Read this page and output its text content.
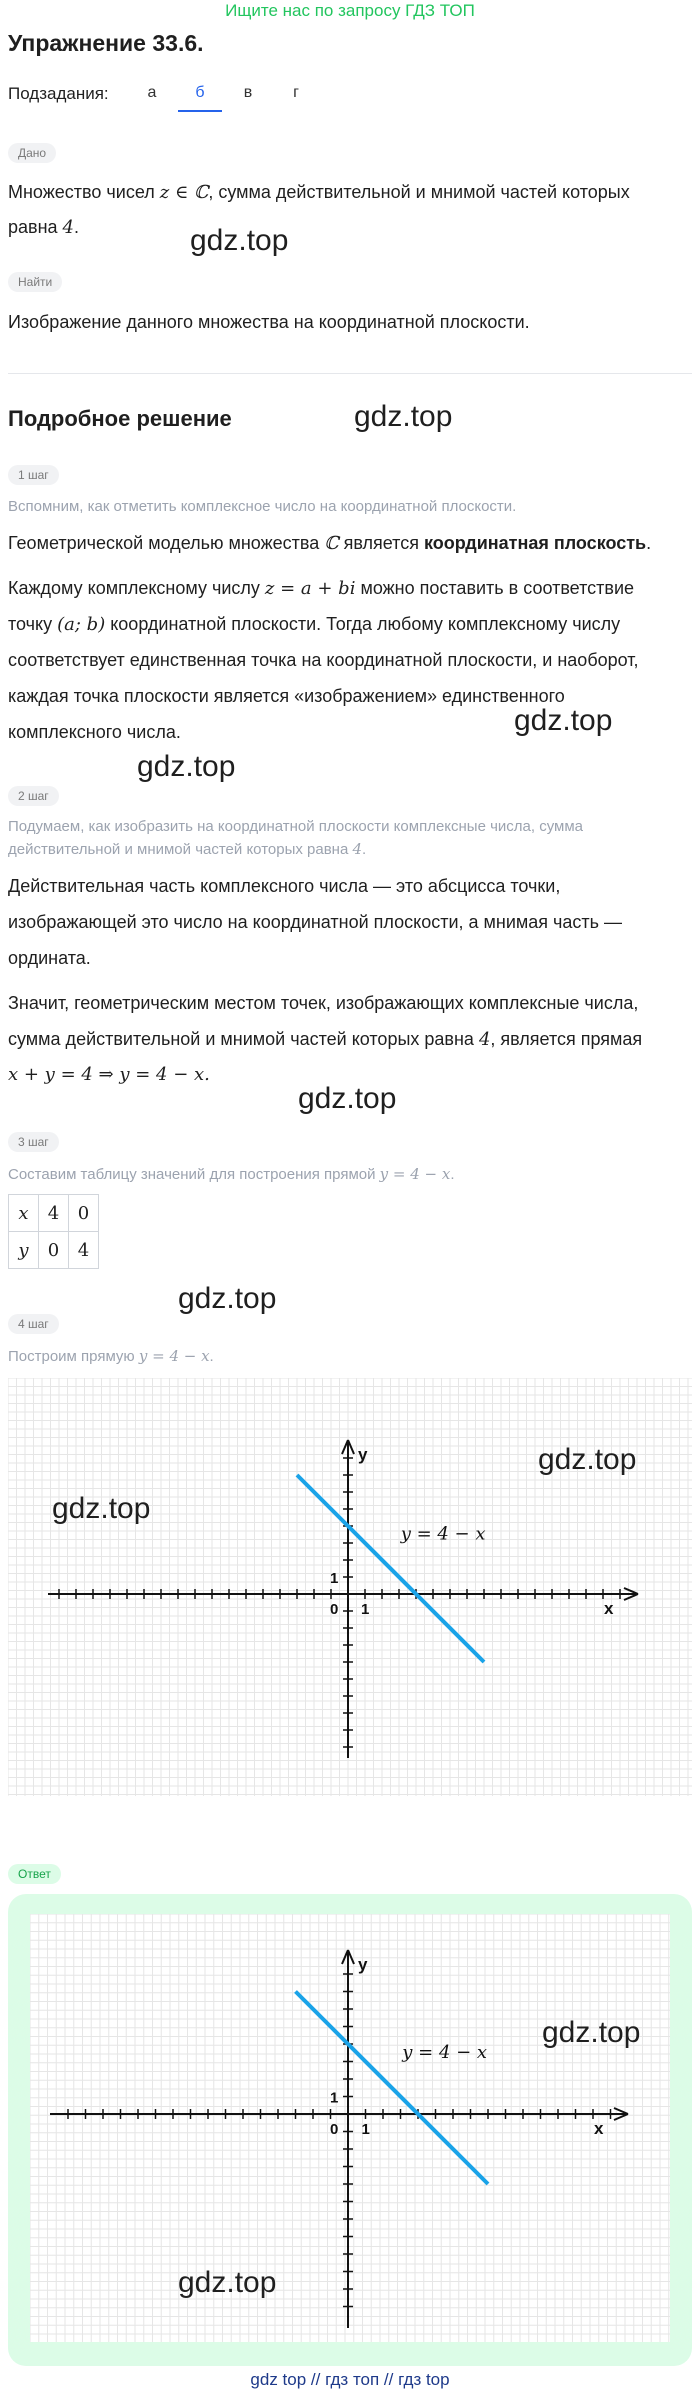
Ищите нас по запросу ГДЗ ТОП
Упражнение 33.6.
Подзадания:	а	б	в	г
Дано
Множество чисел z ∈ ℂ, сумма действительной и мнимой частей которых
равна 4.	gdz.top
Найти
Изображение данного множества на координатной плоскости.
Подробное решение	gdz.top
1 шаг
Вспомним, как отметить комплексное число на координатной плоскости.
Геометрической моделью множества ℂ является координатная плоскость.
Каждому комплексному числу z = a + bi можно поставить в соответствие
точку (a; b) координатной плоскости. Тогда любому комплексному числу
соответствует единственная точка на координатной плоскости, и наоборот,
каждая точка плоскости является «изображением» единственного
комплексного числа.	gdz.top
gdz.top
2 шаг
Подумаем, как изобразить на координатной плоскости комплексные числа, сумма
действительной и мнимой частей которых равна 4.
Действительная часть комплексного числа — это абсцисса точки,
изображающей это число на координатной плоскости, а мнимая часть —
ордината.
Значит, геометрическим местом точек, изображающих комплексные числа,
сумма действительной и мнимой частей которых равна 4, является прямая
x + y = 4 ⇒ y = 4 − x.
gdz.top
3 шаг
Составим таблицу значений для построения прямой y = 4 − x.
x	4	0
y	0	4
gdz.top
4 шаг
Построим прямую y = 4 − x.
x
y
0 1
1
y = 4 − x
gdz.top
gdz.top
Ответ
x
y
0 1
1
y = 4 − x
gdz.top
gdz.top
gdz top // гдз топ // гдз top
